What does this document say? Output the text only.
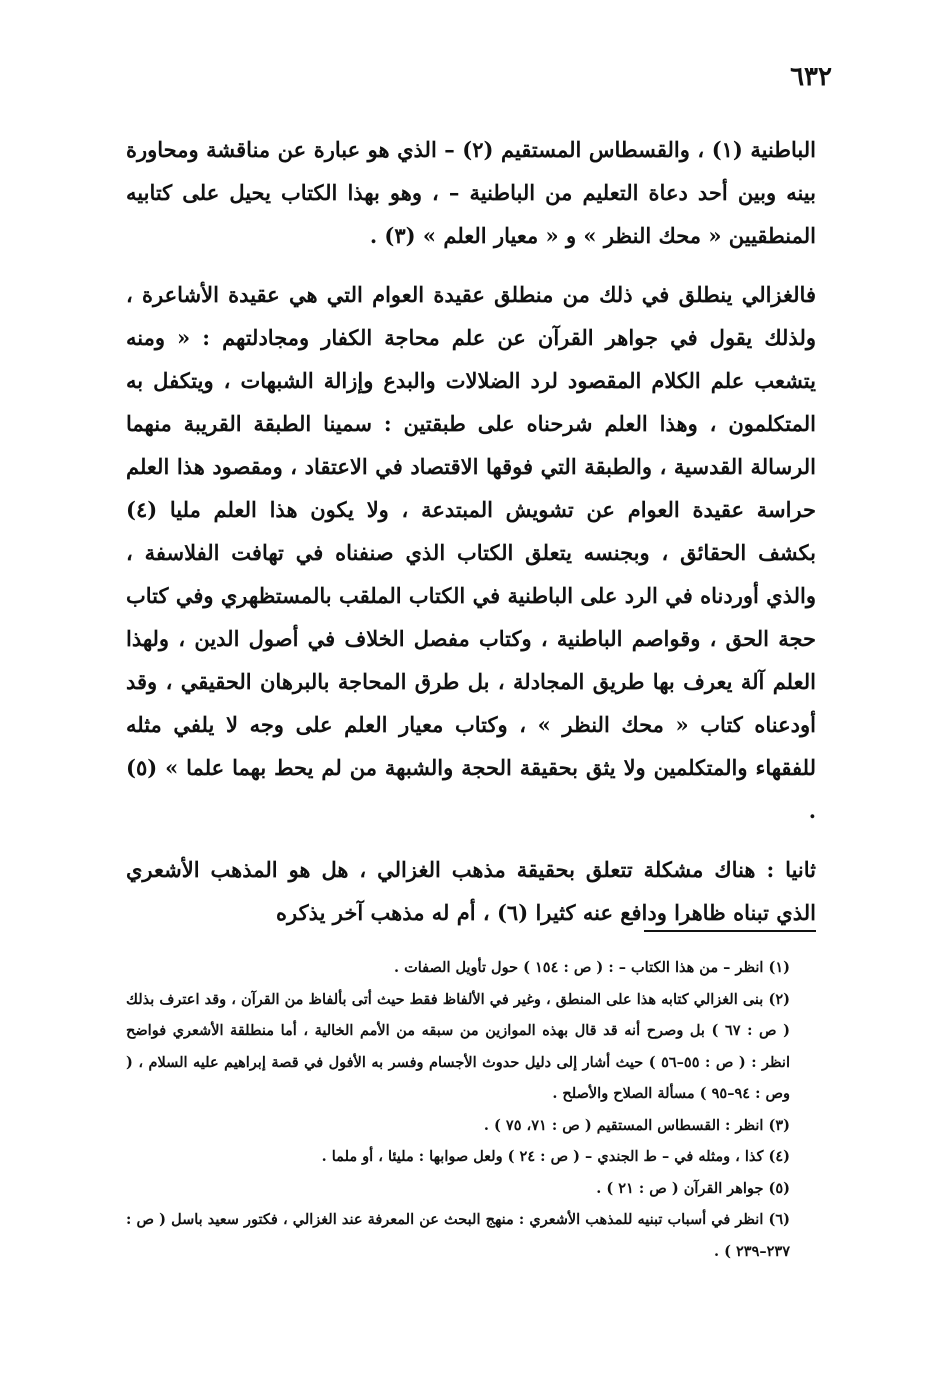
٦٣٢

الباطنية (١) ، والقسطاس المستقيم (٢) – الذي هو عبارة عن مناقشة ومحاورة بينه وبين أحد دعاة التعليم من الباطنية – ، وهو بهذا الكتاب يحيل على كتابيه المنطقيين « محك النظر » و « معيار العلم » (٣) .

فالغزالي ينطلق في ذلك من منطلق عقيدة العوام التي هي عقيدة الأشاعرة ، ولذلك يقول في جواهر القرآن عن علم محاجة الكفار ومجادلتهم : « ومنه يتشعب علم الكلام المقصود لرد الضلالات والبدع وإزالة الشبهات ، ويتكفل به المتكلمون ، وهذا العلم شرحناه على طبقتين : سمينا الطبقة القريبة منهما الرسالة القدسية ، والطبقة التي فوقها الاقتصاد في الاعتقاد ، ومقصود هذا العلم حراسة عقيدة العوام عن تشويش المبتدعة ، ولا يكون هذا العلم مليا (٤) بكشف الحقائق ، وبجنسه يتعلق الكتاب الذي صنفناه في تهافت الفلاسفة ، والذي أوردناه في الرد على الباطنية في الكتاب الملقب بالمستظهري وفي كتاب حجة الحق ، وقواصم الباطنية ، وكتاب مفصل الخلاف في أصول الدين ، ولهذا العلم آلة يعرف بها طريق المجادلة ، بل طرق المحاجة بالبرهان الحقيقي ، وقد أودعناه كتاب « محك النظر » ، وكتاب معيار العلم على وجه لا يلفي مثله للفقهاء والمتكلمين ولا يثق بحقيقة الحجة والشبهة من لم يحط بهما علما » (٥) .

ثانيا : هناك مشكلة تتعلق بحقيقة مذهب الغزالي ، هل هو المذهب الأشعري الذي تبناه ظاهرا ودافع عنه كثيرا (٦) ، أم له مذهب آخر يذكره

(١) انظر – من هذا الكتاب – : ( ص : ١٥٤ ) حول تأويل الصفات .

(٢) بنى الغزالي كتابه هذا على المنطق ، وغير في الألفاظ فقط حيث أتى بألفاظ من القرآن ، وقد اعترف بذلك ( ص : ٦٧ ) بل وصرح أنه قد قال بهذه الموازين من سبقه من الأمم الخالية ، أما منطلقة الأشعري فواضح انظر : ( ص : ٥٥–٥٦ ) حيث أشار إلى دليل حدوث الأجسام وفسر به الأفول في قصة إبراهيم عليه السلام ، ( وص : ٩٤–٩٥ ) مسألة الصلاح والأصلح .

(٣) انظر : القسطاس المستقيم ( ص : ٧١، ٧٥ ) .

(٤) كذا ، ومثله في – ط الجندي – ( ص : ٢٤ ) ولعل صوابها : مليئا ، أو ملما .

(٥) جواهر القرآن ( ص : ٢١ ) .

(٦) انظر في أسباب تبنيه للمذهب الأشعري : منهج البحث عن المعرفة عند الغزالي ، فكتور سعيد باسل ( ص : ٢٣٧–٢٣٩ ) .
